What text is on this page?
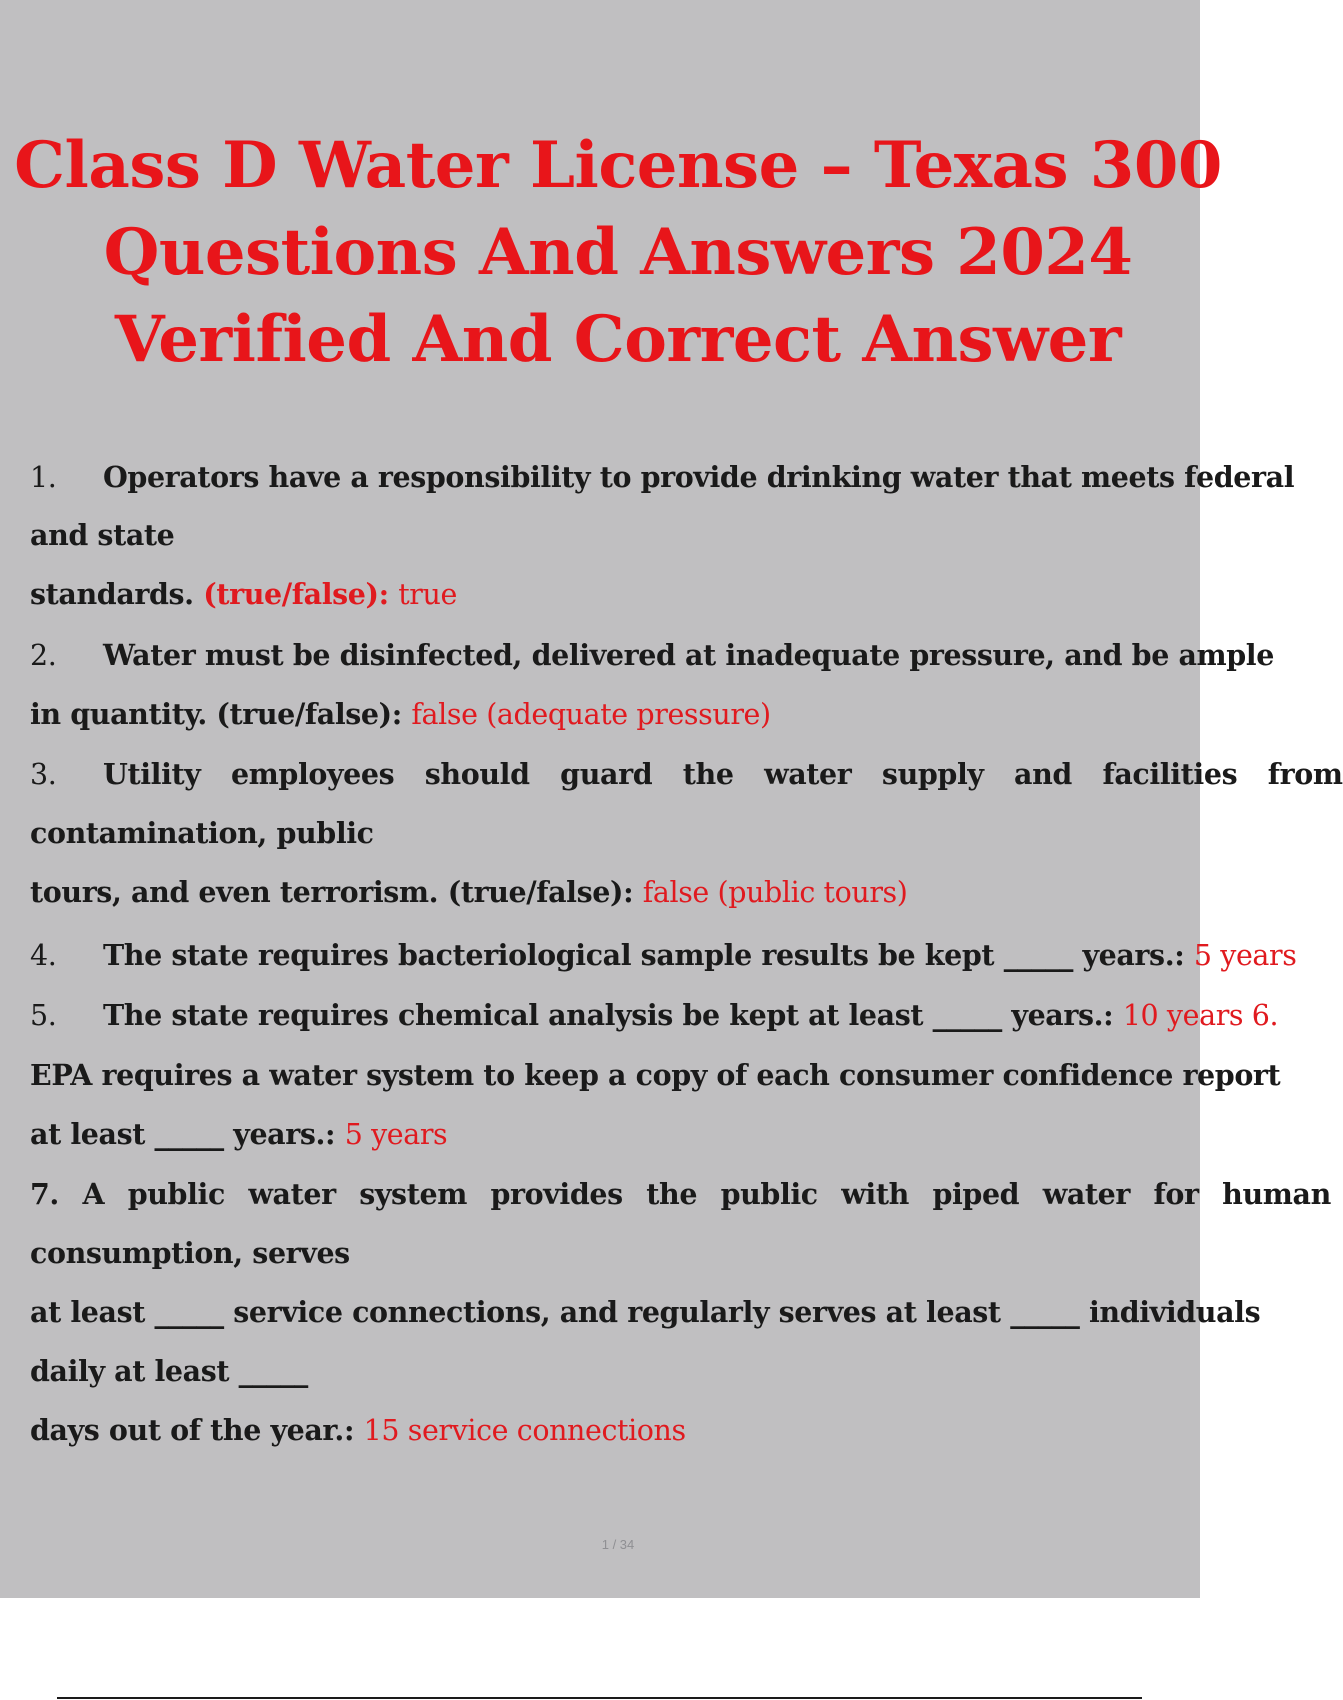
Class D Water License – Texas 300
Questions And Answers 2024
Verified And Correct Answer
1. Operators have a responsibility to provide drinking water that meets federal
and state
standards. (true/false): true
2. Water must be disinfected, delivered at inadequate pressure, and be ample
in quantity. (true/false): false (adequate pressure)
3. Utility employees should guard the water supply and facilities from
contamination, public
tours, and even terrorism. (true/false): false (public tours)
4. The state requires bacteriological sample results be kept _____ years.: 5 years
5. The state requires chemical analysis be kept at least _____ years.: 10 years 6.
EPA requires a water system to keep a copy of each consumer confidence report
at least _____ years.: 5 years
7. A public water system provides the public with piped water for human
consumption, serves
at least _____ service connections, and regularly serves at least _____ individuals
daily at least _____
days out of the year.: 15 service connections
1 / 34
